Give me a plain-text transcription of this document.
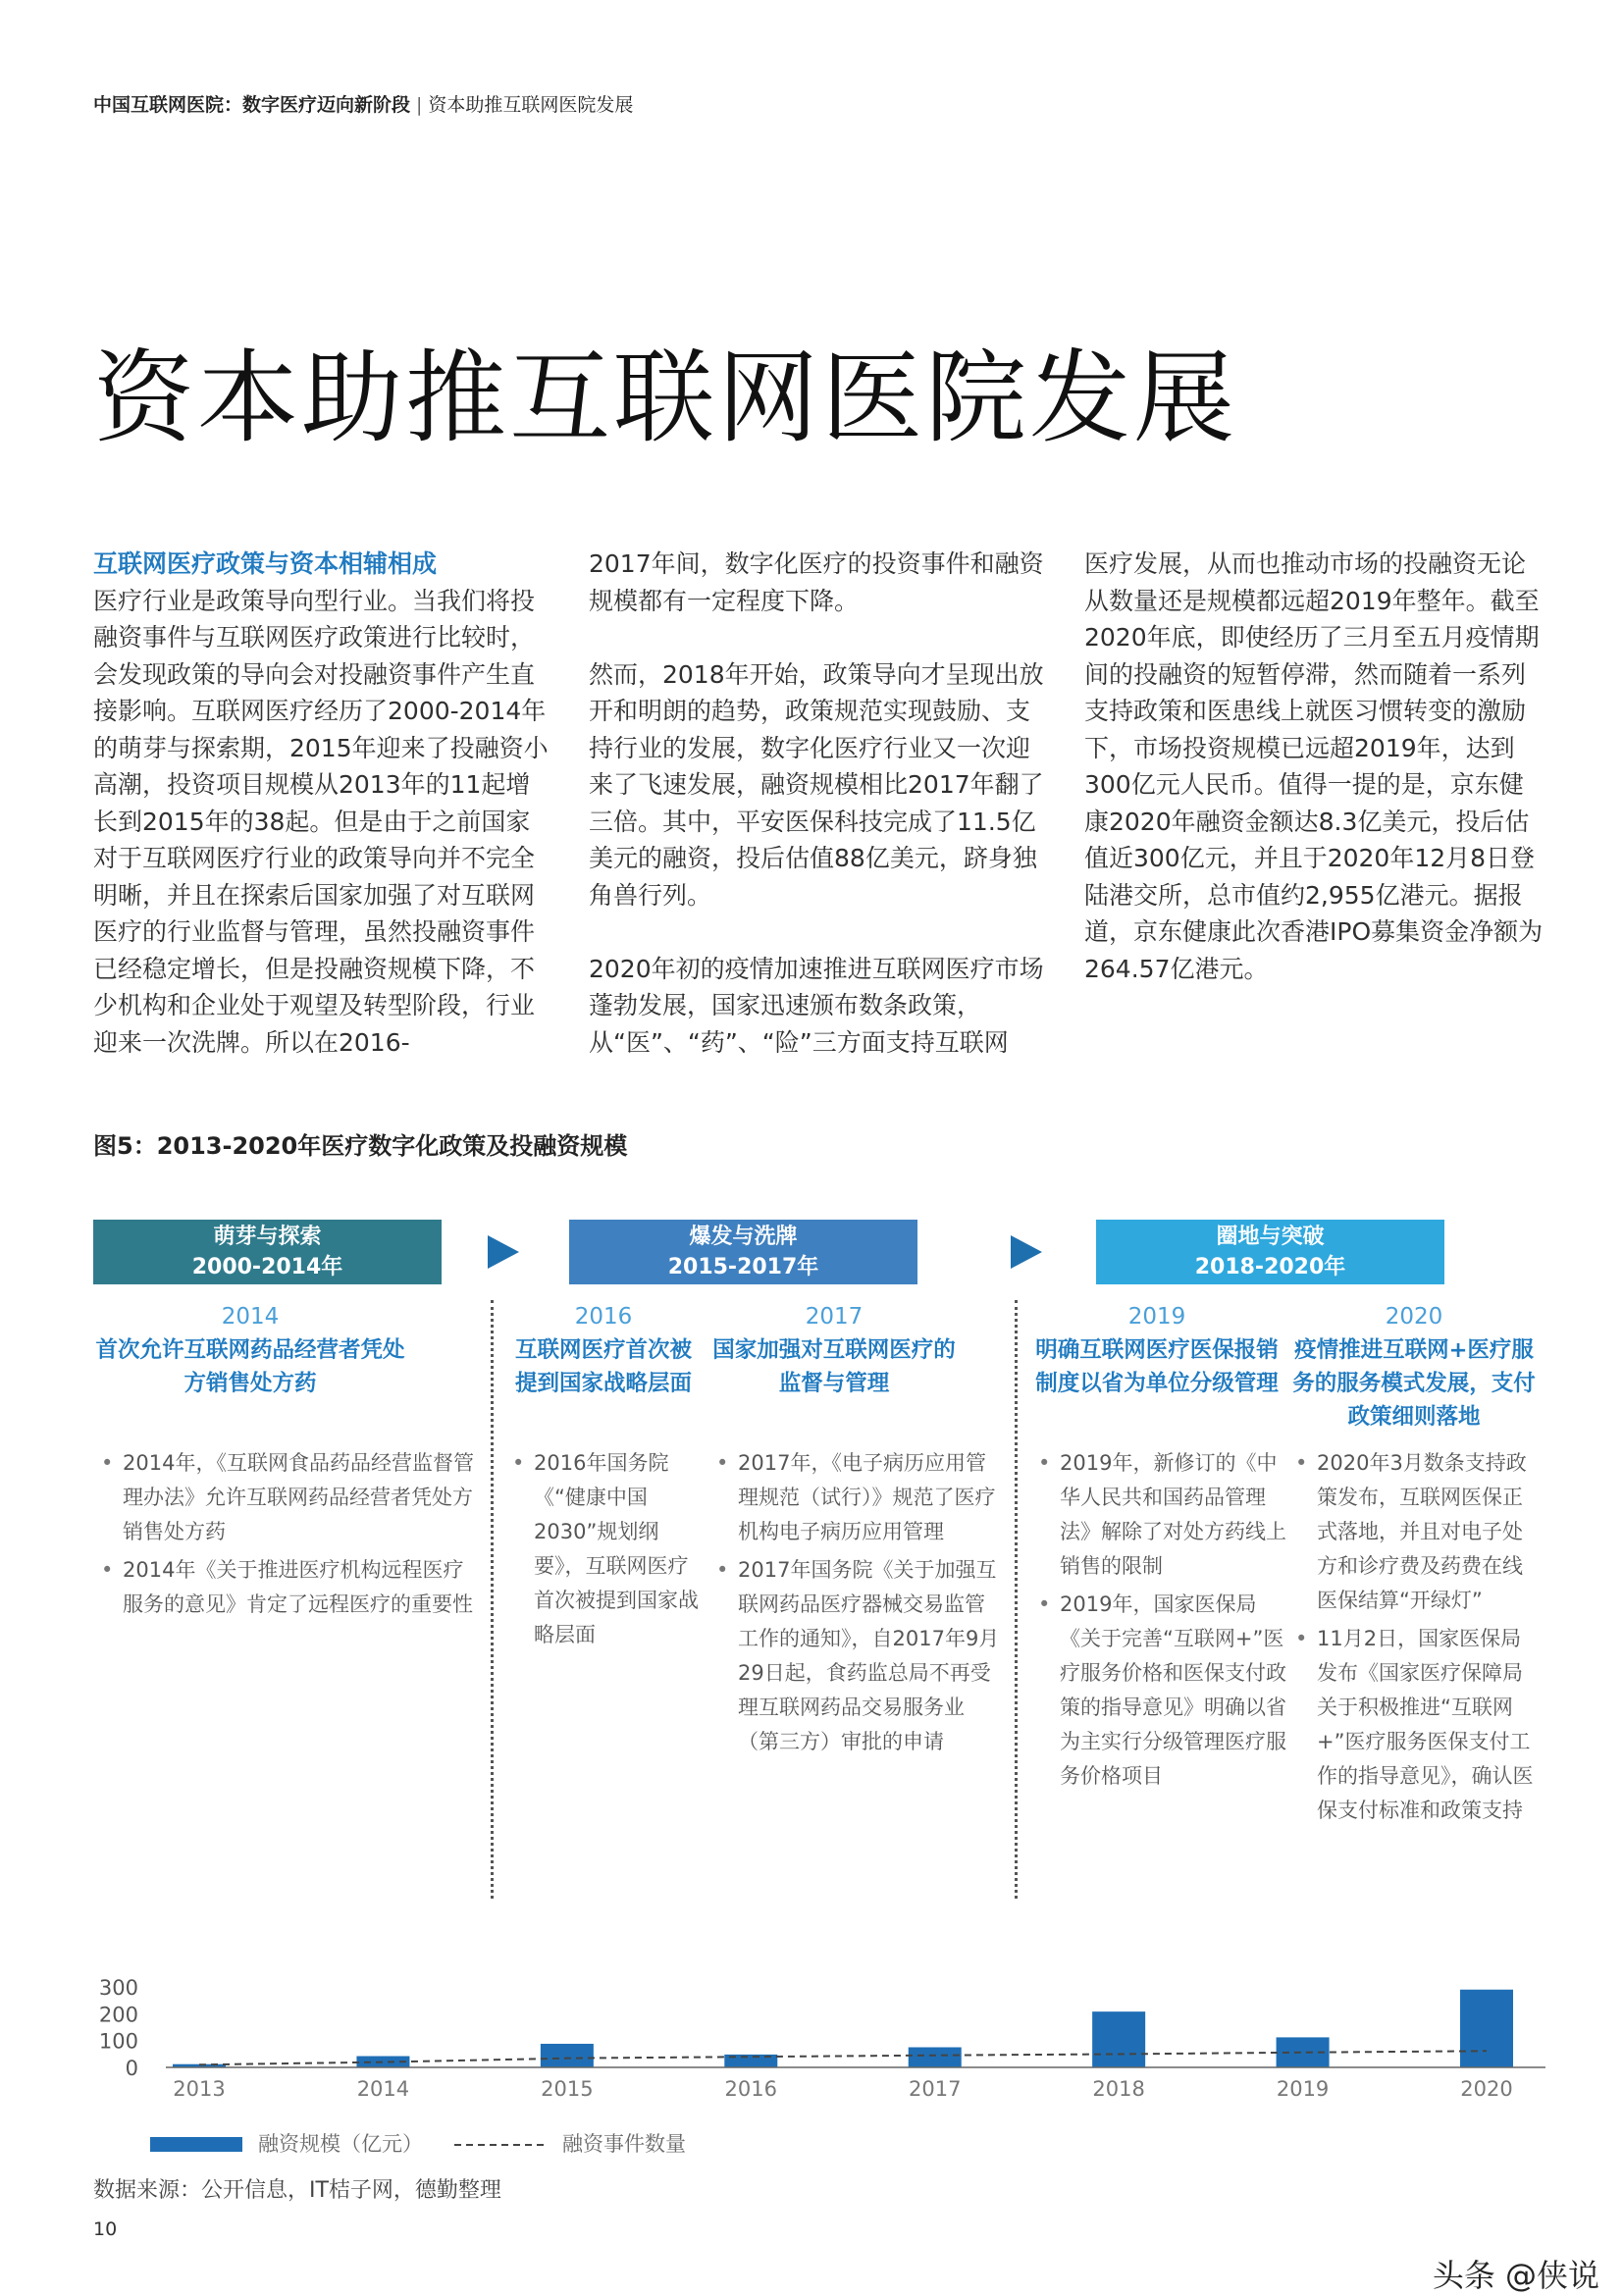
中国互联网医院：数字医疗迈向新阶段 | 资本助推互联网医院发展
资本助推互联网医院发展

互联网医疗政策与资本相辅相成
医疗行业是政策导向型行业。当我们将投融资事件与互联网医疗政策进行比较时，会发现政策的导向会对投融资事件产生直接影响。互联网医疗经历了2000-2014年的萌芽与探索期，2015年迎来了投融资小高潮，投资项目规模从2013年的11起增长到2015年的38起。但是由于之前国家对于互联网医疗行业的政策导向并不完全明晰，并且在探索后国家加强了对互联网医疗的行业监督与管理，虽然投融资事件已经稳定增长，但是投融资规模下降，不少机构和企业处于观望及转型阶段，行业迎来一次洗牌。所以在2016-

2017年间，数字化医疗的投资事件和融资规模都有一定程度下降。

然而，2018年开始，政策导向才呈现出放开和明朗的趋势，政策规范实现鼓励、支持行业的发展，数字化医疗行业又一次迎来了飞速发展，融资规模相比2017年翻了三倍。其中，平安医保科技完成了11.5亿美元的融资，投后估值88亿美元，跻身独角兽行列。

2020年初的疫情加速推进互联网医疗市场蓬勃发展，国家迅速颁布数条政策，从“医”、“药”、“险”三方面支持互联网

医疗发展，从而也推动市场的投融资无论从数量还是规模都远超2019年整年。截至2020年底，即使经历了三月至五月疫情期间的投融资的短暂停滞，然而随着一系列支持政策和医患线上就医习惯转变的激励下，市场投资规模已远超2019年，达到300亿元人民币。值得一提的是，京东健康2020年融资金额达8.3亿美元，投后估值近300亿元，并且于2020年12月8日登陆港交所，总市值约2,955亿港元。据报道，京东健康此次香港IPO募集资金净额为264.57亿港元。

图5：2013-2020年医疗数字化政策及投融资规模
萌芽与探索
2000-2014年
爆发与洗牌
2015-2017年
圈地与突破
2018-2020年
2014
首次允许互联网药品经营者凭处方销售处方药
• 2014年，《互联网食品药品经营监督管理办法》允许互联网药品经营者凭处方销售处方药
• 2014年《关于推进医疗机构远程医疗服务的意见》肯定了远程医疗的重要性
2016
互联网医疗首次被提到国家战略层面
• 2016年国务院《“健康中国2030”规划纲要》，互联网医疗首次被提到国家战略层面
2017
国家加强对互联网医疗的监督与管理
• 2017年，《电子病历应用管理规范（试行）》规范了医疗机构电子病历应用管理
• 2017年国务院《关于加强互联网药品医疗器械交易监管工作的通知》，自2017年9月29日起，食药监总局不再受理互联网药品交易服务业（第三方）审批的申请
2019
明确互联网医疗医保报销制度以省为单位分级管理
• 2019年，新修订的《中华人民共和国药品管理法》解除了对处方药线上销售的限制
• 2019年，国家医保局《关于完善“互联网+”医疗服务价格和医保支付政策的指导意见》明确以省为主实行分级管理医疗服务价格项目
2020
疫情推进互联网+医疗服务的服务模式发展，支付政策细则落地
• 2020年3月数条支持政策发布，互联网医保正式落地，并且对电子处方和诊疗费及药费在线医保结算“开绿灯”
• 11月2日，国家医保局发布《国家医疗保障局关于积极推进“互联网+”医疗服务医保支付工作的指导意见》，确认医保支付标准和政策支持
300
200
100
0
2013	2014	2015	2016	2017	2018	2019	2020
融资规模（亿元）	融资事件数量
数据来源：公开信息，IT桔子网，德勤整理
10
头条 @侠说
